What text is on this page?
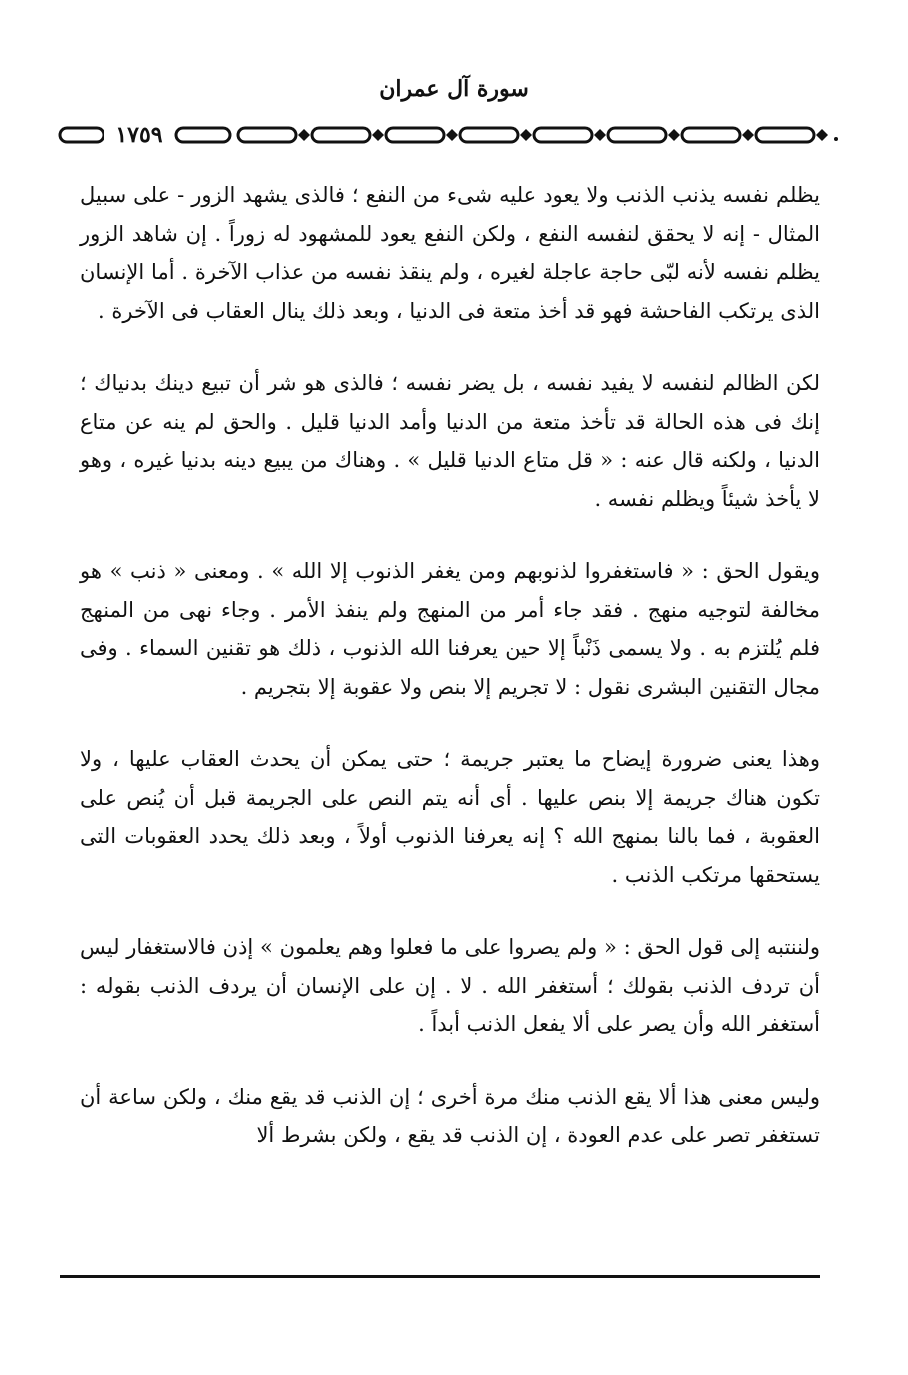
سورة آل عمران
١٧٥٩

يظلم نفسه يذنب الذنب ولا يعود عليه شىء من النفع ؛ فالذى يشهد الزور - على سبيل المثال - إنه لا يحقق لنفسه النفع ، ولكن النفع يعود للمشهود له زوراً . إن شاهد الزور يظلم نفسه لأنه لبّى حاجة عاجلة لغيره ، ولم ينقذ نفسه من عذاب الآخرة . أما الإنسان الذى يرتكب الفاحشة فهو قد أخذ متعة فى الدنيا ، وبعد ذلك ينال العقاب فى الآخرة .

لكن الظالم لنفسه لا يفيد نفسه ، بل يضر نفسه ؛ فالذى هو شر أن تبيع دينك بدنياك ؛ إنك فى هذه الحالة قد تأخذ متعة من الدنيا وأمد الدنيا قليل . والحق لم ينه عن متاع الدنيا ، ولكنه قال عنه : « قل متاع الدنيا قليل » . وهناك من يبيع دينه بدنيا غيره ، وهو لا يأخذ شيئاً ويظلم نفسه .

ويقول الحق : « فاستغفروا لذنوبهم ومن يغفر الذنوب إلا الله » . ومعنى « ذنب » هو مخالفة لتوجيه منهج . فقد جاء أمر من المنهج ولم ينفذ الأمر . وجاء نهى من المنهج فلم يُلتزم به . ولا يسمى ذَنْباً إلا حين يعرفنا الله الذنوب ، ذلك هو تقنين السماء . وفى مجال التقنين البشرى نقول : لا تجريم إلا بنص ولا عقوبة إلا بتجريم .

وهذا يعنى ضرورة إيضاح ما يعتبر جريمة ؛ حتى يمكن أن يحدث العقاب عليها ، ولا تكون هناك جريمة إلا بنص عليها . أى أنه يتم النص على الجريمة قبل أن يُنص على العقوبة ، فما بالنا بمنهج الله ؟ إنه يعرفنا الذنوب أولاً ، وبعد ذلك يحدد العقوبات التى يستحقها مرتكب الذنب .

ولننتبه إلى قول الحق : « ولم يصروا على ما فعلوا وهم يعلمون » إذن فالاستغفار ليس أن تردف الذنب بقولك ؛ أستغفر الله . لا . إن على الإنسان أن يردف الذنب بقوله : أستغفر الله وأن يصر على ألا يفعل الذنب أبداً .

وليس معنى هذا ألا يقع الذنب منك مرة أخرى ؛ إن الذنب قد يقع منك ، ولكن ساعة أن تستغفر تصر على عدم العودة ، إن الذنب قد يقع ، ولكن بشرط ألا
